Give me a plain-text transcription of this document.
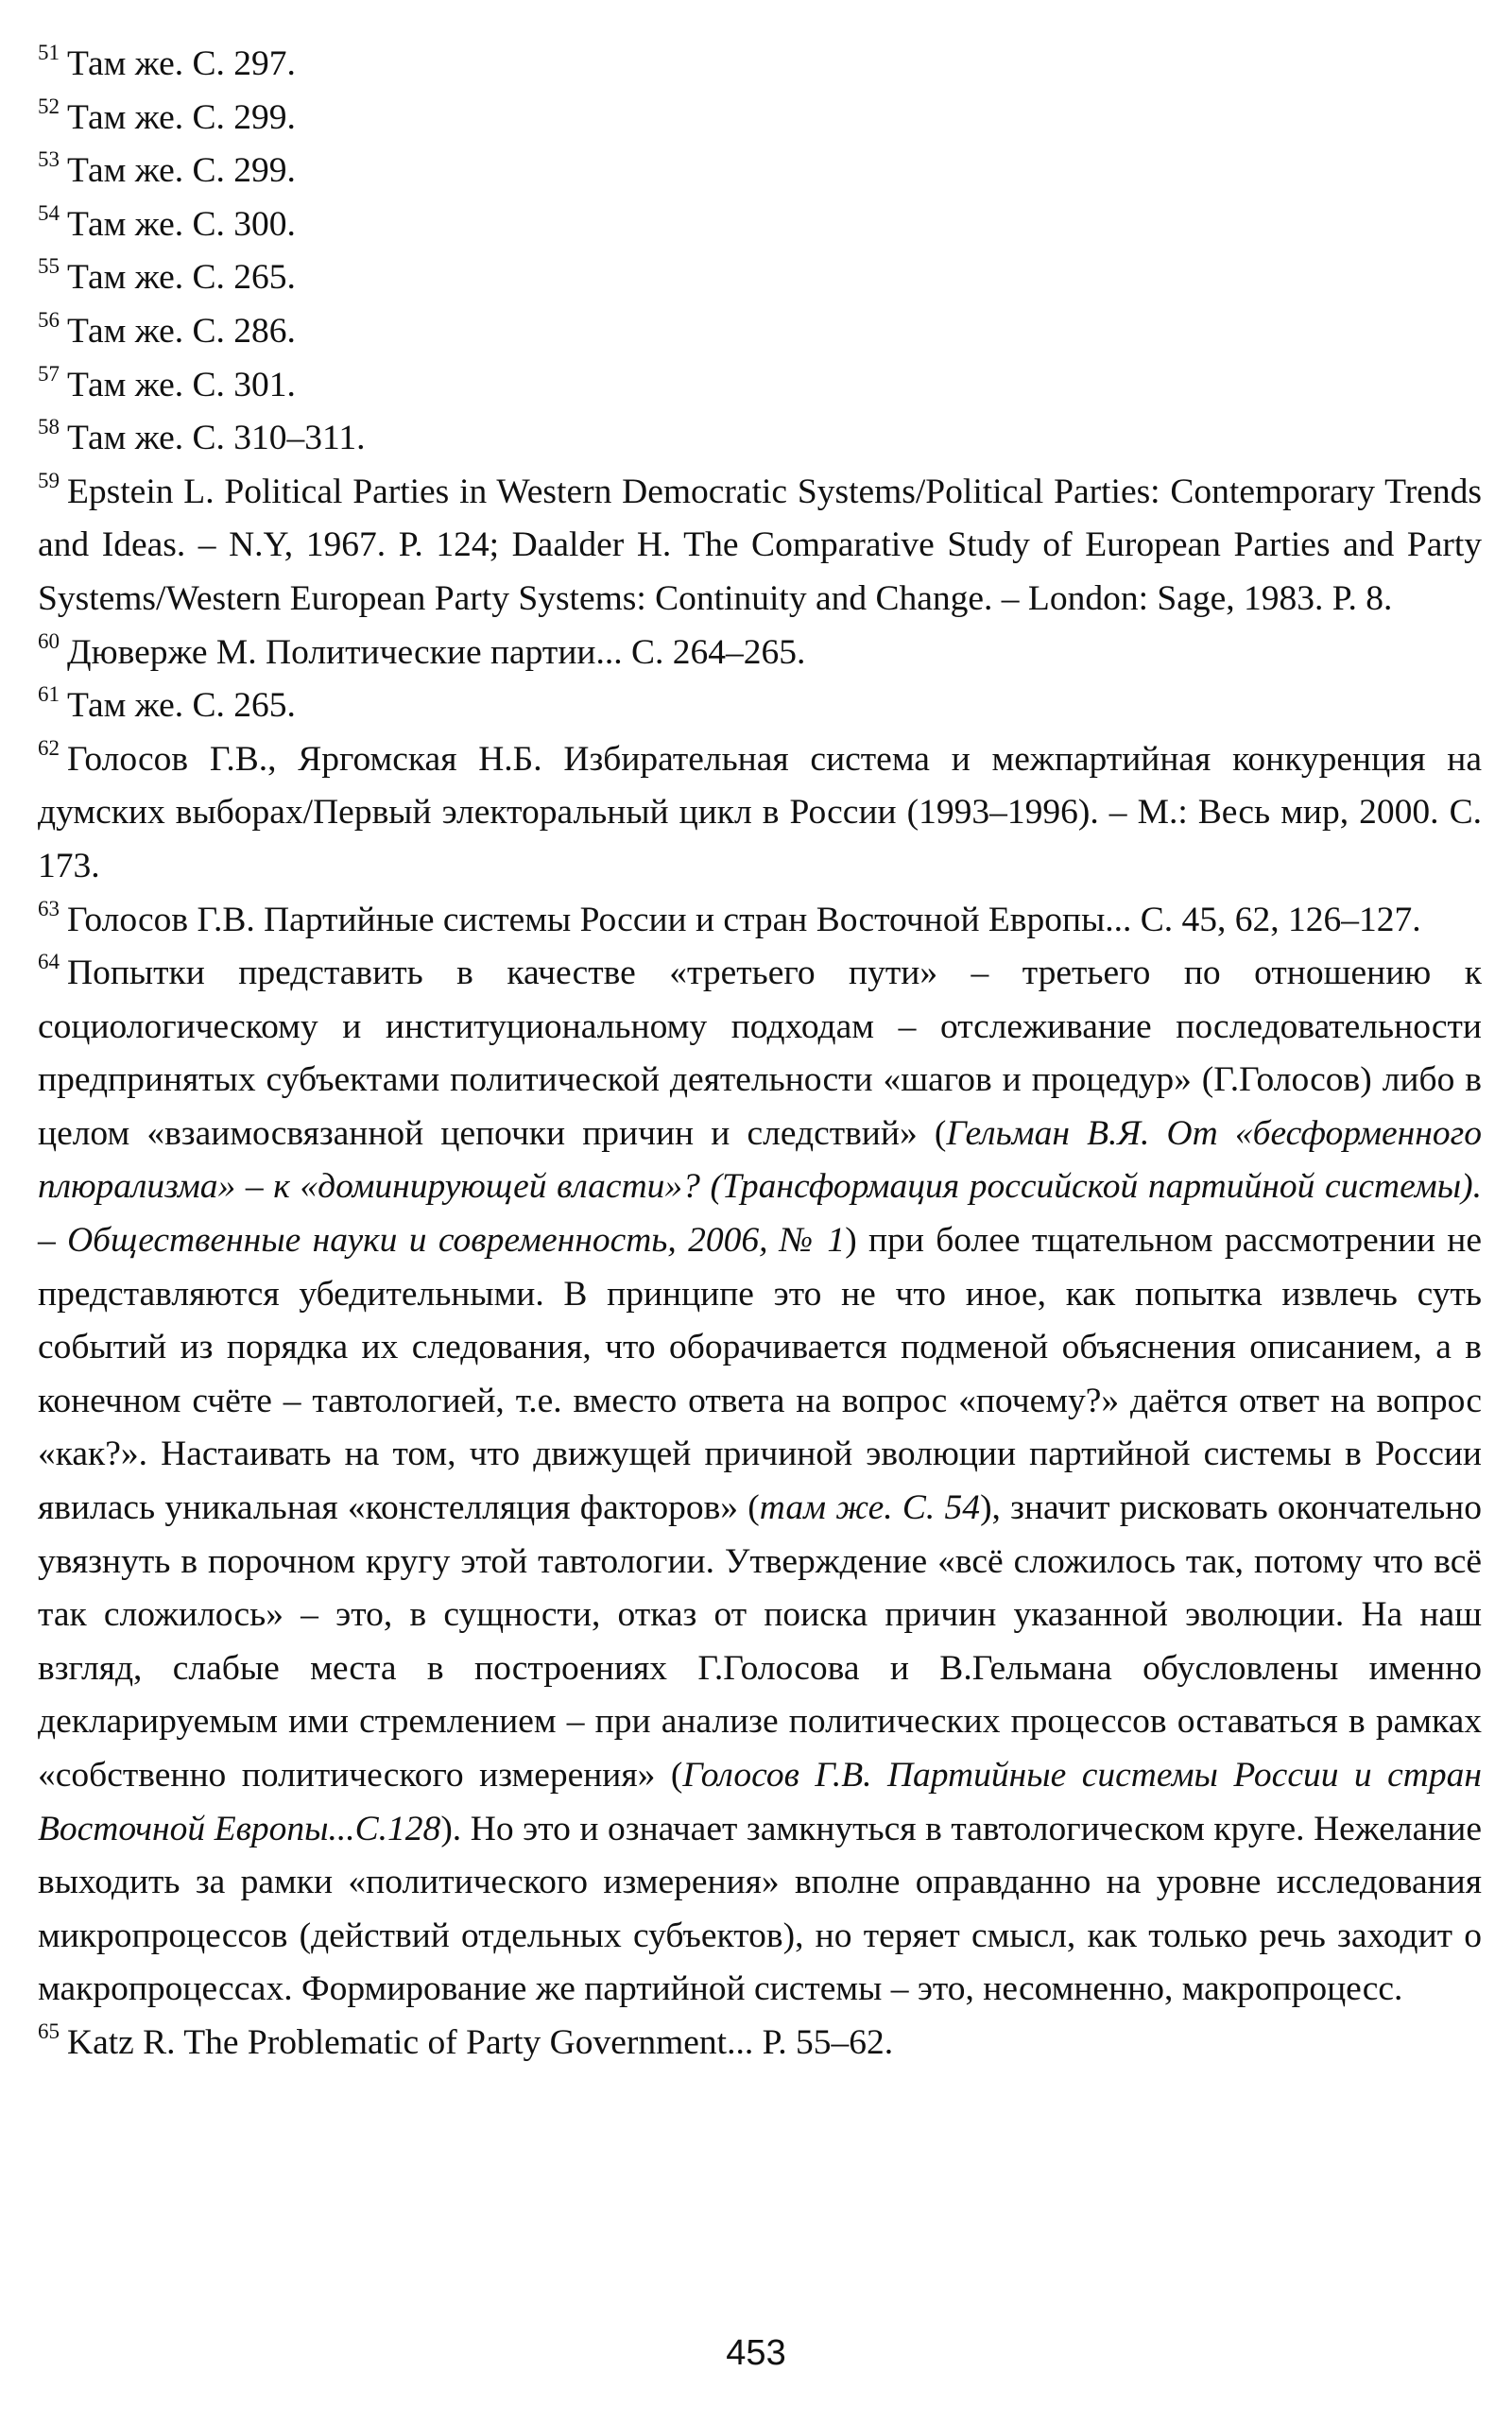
$^{51}$ Там же. С. 297.

$^{52}$ Там же. С. 299.

$^{53}$ Там же. С. 299.

$^{54}$ Там же. С. 300.

$^{55}$ Там же. С. 265.

$^{56}$ Там же. С. 286.

$^{57}$ Там же. С. 301.

$^{58}$ Там же. С. 310–311.

$^{59}$ Epstein L. Political Parties in Western Democratic Systems/Political Parties: Contemporary Trends and Ideas. – N.Y, 1967. P. 124; Daalder H. The Comparative Study of European Parties and Party Systems/Western European Party Systems: Continuity and Change. – London: Sage, 1983. P. 8.

$^{60}$ Дюверже М. Политические партии... С. 264–265.

$^{61}$ Там же. С. 265.

$^{62}$ Голосов Г.В., Яргомская Н.Б. Избирательная система и межпартийная конкуренция на думских выборах/Первый электоральный цикл в России (1993–1996). – М.: Весь мир, 2000. С. 173.

$^{63}$ Голосов Г.В. Партийные системы России и стран Восточной Европы... С. 45, 62, 126–127.

$^{64}$ Попытки представить в качестве «третьего пути» – третьего по отношению к социологическому и институциональному подходам – отслеживание последовательности предпринятых субъектами политической деятельности «шагов и процедур» (Г.Голосов) либо в целом «взаимосвязанной цепочки причин и следствий» (Гельман В.Я. От «бесформенного плюрализма» – к «доминирующей власти»? (Трансформация российской партийной системы). – Общественные науки и современность, 2006, № 1) при более тщательном рассмотрении не представляются убедительными. В принципе это не что иное, как попытка извлечь суть событий из порядка их следования, что оборачивается подменой объяснения описанием, а в конечном счёте – тавтологией, т.е. вместо ответа на вопрос «почему?» даётся ответ на вопрос «как?». Настаивать на том, что движущей причиной эволюции партийной системы в России явилась уникальная «констелляция факторов» (там же. С. 54), значит рисковать окончательно увязнуть в порочном кругу этой тавтологии. Утверждение «всё сложилось так, потому что всё так сложилось» – это, в сущности, отказ от поиска причин указанной эволюции. На наш взгляд, слабые места в построениях Г.Голосова и В.Гельмана обусловлены именно декларируемым ими стремлением – при анализе политических процессов оставаться в рамках «собственно политического измерения» (Голосов Г.В. Партийные системы России и стран Восточной Европы...С.128). Но это и означает замкнуться в тавтологическом круге. Нежелание выходить за рамки «политического измерения» вполне оправданно на уровне исследования микропроцессов (действий отдельных субъектов), но теряет смысл, как только речь заходит о макропроцессах. Формирование же партийной системы – это, несомненно, макропроцесс.

$^{65}$ Katz R. The Problematic of Party Government... P. 55–62.

453
